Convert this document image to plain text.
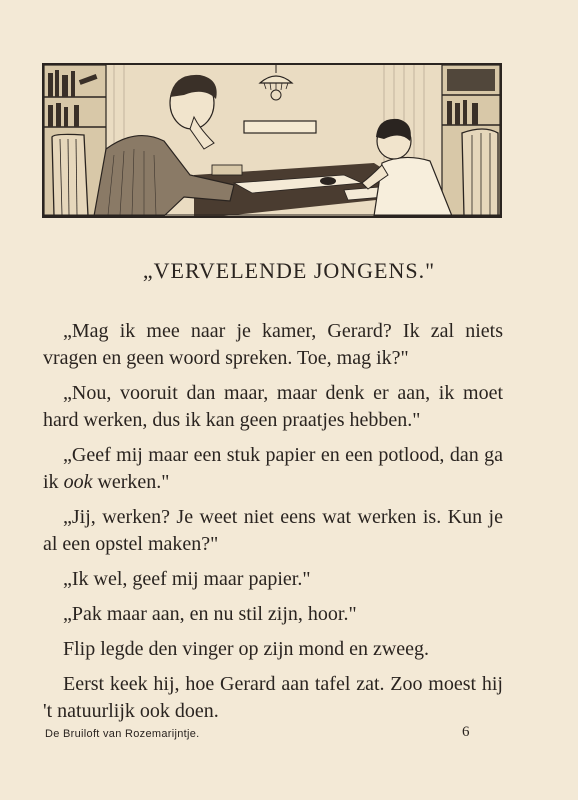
„VERVELENDE JONGENS."

„Mag ik mee naar je kamer, Gerard? Ik zal niets vragen en geen woord spreken. Toe, mag ik?"

„Nou, vooruit dan maar, maar denk er aan, ik moet hard werken, dus ik kan geen praatjes hebben."

„Geef mij maar een stuk papier en een potlood, dan ga ik ook werken."

„Jij, werken? Je weet niet eens wat werken is. Kun je al een opstel maken?"

„Ik wel, geef mij maar papier."

„Pak maar aan, en nu stil zijn, hoor."

Flip legde den vinger op zijn mond en zweeg.

Eerst keek hij, hoe Gerard aan tafel zat. Zoo moest hij 't natuurlijk ook doen.

De Bruiloft van Rozemarijntje.	6
